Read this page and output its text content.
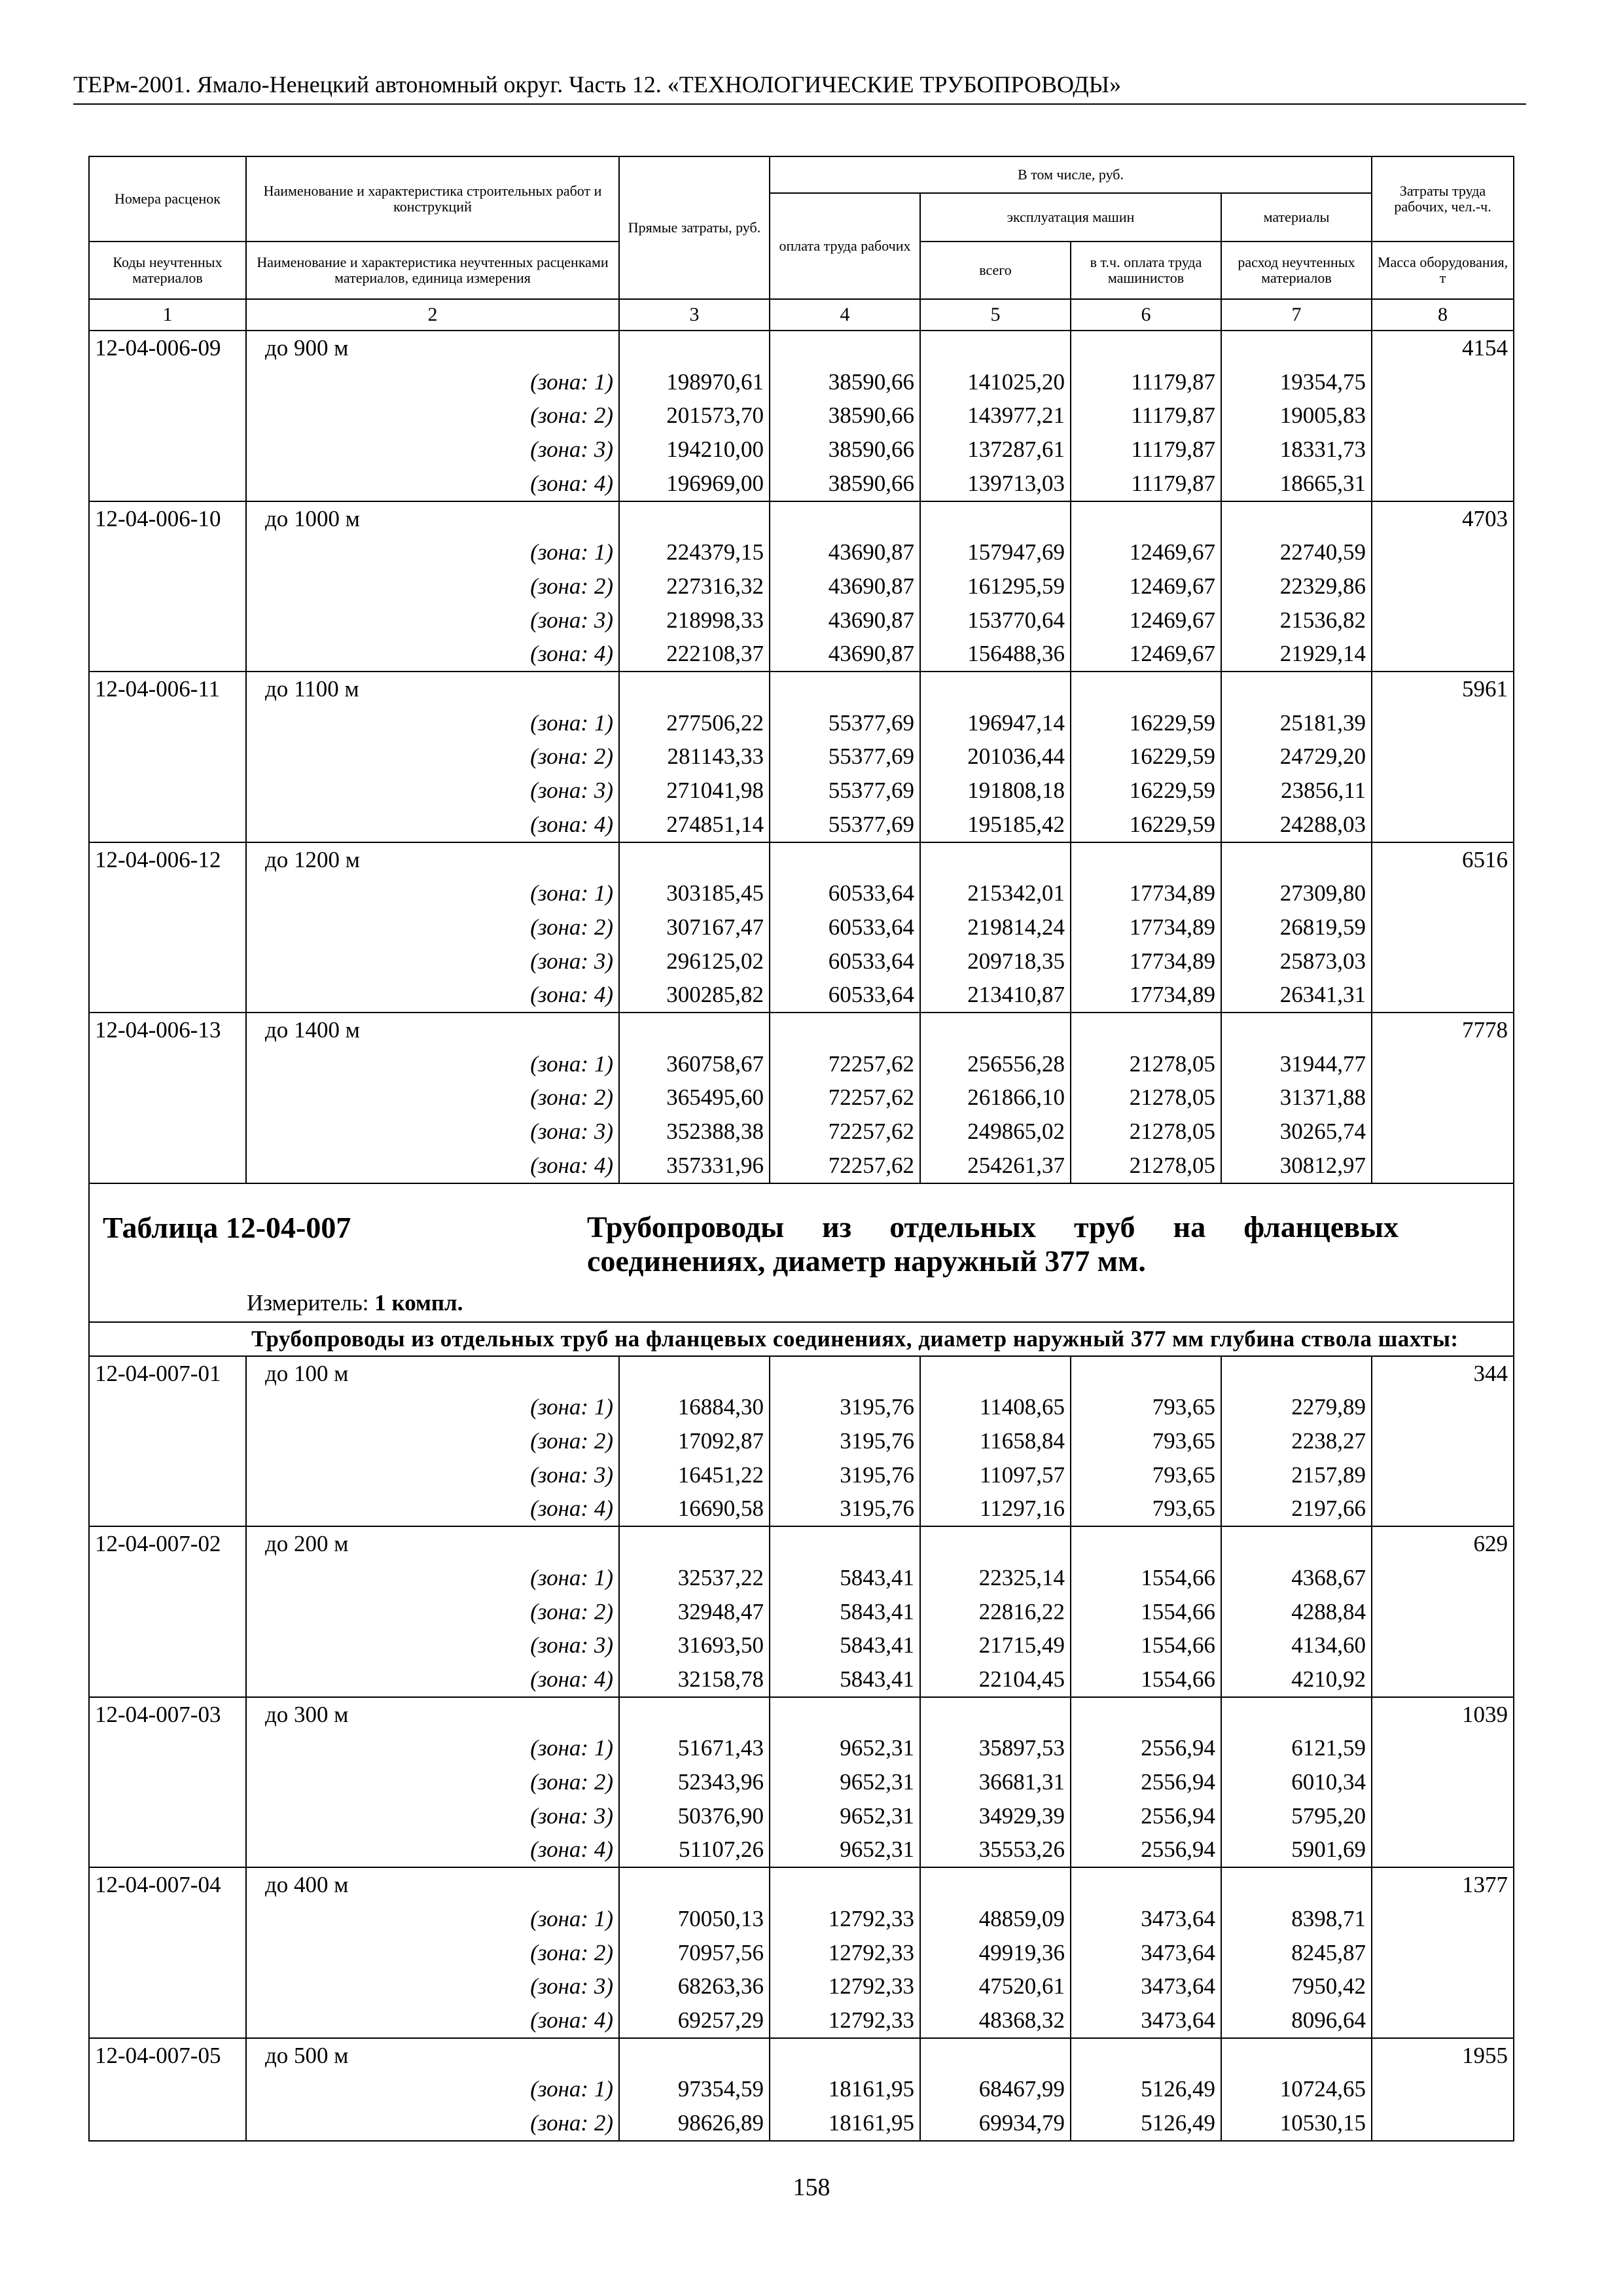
ТЕРм-2001. Ямало-Ненецкий автономный округ. Часть 12. «ТЕХНОЛОГИЧЕСКИЕ ТРУБОПРОВОДЫ»
Номера расценок	Наименование и характеристика строительных работ и конструкций	Прямые затраты, руб.	В том числе, руб.				Затраты труда рабочих, чел.-ч.
			оплата труда рабочих	эксплуатация машин		материалы	
Коды неучтенных материалов	Наименование и характеристика неучтенных расценками материалов, единица измерения			всего	в т.ч. оплата труда машинистов	расход неучтенных материалов	Масса оборудования, т
1	2	3	4	5	6	7	8
12-04-006-09	до 900 м						4154
	(зона: 1)	198970,61	38590,66	141025,20	11179,87	19354,75	
	(зона: 2)	201573,70	38590,66	143977,21	11179,87	19005,83	
	(зона: 3)	194210,00	38590,66	137287,61	11179,87	18331,73	
	(зона: 4)	196969,00	38590,66	139713,03	11179,87	18665,31	
12-04-006-10	до 1000 м						4703
	(зона: 1)	224379,15	43690,87	157947,69	12469,67	22740,59	
	(зона: 2)	227316,32	43690,87	161295,59	12469,67	22329,86	
	(зона: 3)	218998,33	43690,87	153770,64	12469,67	21536,82	
	(зона: 4)	222108,37	43690,87	156488,36	12469,67	21929,14	
12-04-006-11	до 1100 м						5961
	(зона: 1)	277506,22	55377,69	196947,14	16229,59	25181,39	
	(зона: 2)	281143,33	55377,69	201036,44	16229,59	24729,20	
	(зона: 3)	271041,98	55377,69	191808,18	16229,59	23856,11	
	(зона: 4)	274851,14	55377,69	195185,42	16229,59	24288,03	
12-04-006-12	до 1200 м						6516
	(зона: 1)	303185,45	60533,64	215342,01	17734,89	27309,80	
	(зона: 2)	307167,47	60533,64	219814,24	17734,89	26819,59	
	(зона: 3)	296125,02	60533,64	209718,35	17734,89	25873,03	
	(зона: 4)	300285,82	60533,64	213410,87	17734,89	26341,31	
12-04-006-13	до 1400 м						7778
	(зона: 1)	360758,67	72257,62	256556,28	21278,05	31944,77	
	(зона: 2)	365495,60	72257,62	261866,10	21278,05	31371,88	
	(зона: 3)	352388,38	72257,62	249865,02	21278,05	30265,74	
	(зона: 4)	357331,96	72257,62	254261,37	21278,05	30812,97	
Таблица 12-04-007 Трубопроводы из отдельных труб на фланцевых соединениях, диаметр наружный 377 мм.
Измеритель: 1 компл.							

	Трубопроводы из отдельных труб на фланцевых соединениях, диаметр наружный 377 мм глубина ствола шахты:						
12-04-007-01	до 100 м						344
	(зона: 1)	16884,30	3195,76	11408,65	793,65	2279,89	
	(зона: 2)	17092,87	3195,76	11658,84	793,65	2238,27	
	(зона: 3)	16451,22	3195,76	11097,57	793,65	2157,89	
	(зона: 4)	16690,58	3195,76	11297,16	793,65	2197,66	
12-04-007-02	до 200 м						629
	(зона: 1)	32537,22	5843,41	22325,14	1554,66	4368,67	
	(зона: 2)	32948,47	5843,41	22816,22	1554,66	4288,84	
	(зона: 3)	31693,50	5843,41	21715,49	1554,66	4134,60	
	(зона: 4)	32158,78	5843,41	22104,45	1554,66	4210,92	
12-04-007-03	до 300 м						1039
	(зона: 1)	51671,43	9652,31	35897,53	2556,94	6121,59	
	(зона: 2)	52343,96	9652,31	36681,31	2556,94	6010,34	
	(зона: 3)	50376,90	9652,31	34929,39	2556,94	5795,20	
	(зона: 4)	51107,26	9652,31	35553,26	2556,94	5901,69	
12-04-007-04	до 400 м						1377
	(зона: 1)	70050,13	12792,33	48859,09	3473,64	8398,71	
	(зона: 2)	70957,56	12792,33	49919,36	3473,64	8245,87	
	(зона: 3)	68263,36	12792,33	47520,61	3473,64	7950,42	
	(зона: 4)	69257,29	12792,33	48368,32	3473,64	8096,64	
12-04-007-05	до 500 м						1955
	(зона: 1)	97354,59	18161,95	68467,99	5126,49	10724,65	
	(зона: 2)	98626,89	18161,95	69934,79	5126,49	10530,15	
158
